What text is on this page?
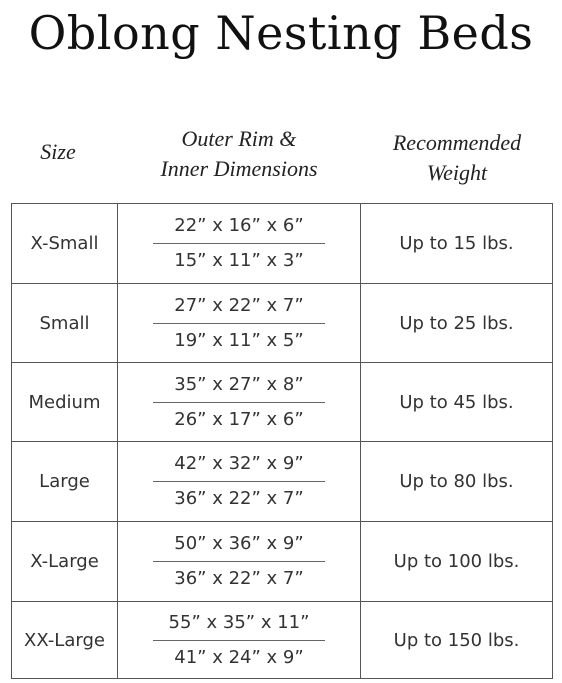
Oblong Nesting Beds
Size
Outer Rim &
Inner Dimensions
Recommended
Weight
X-Small
22” x 16” x 6”
15” x 11” x 3”
Up to 15 lbs.
Small
27” x 22” x 7”
19” x 11” x 5”
Up to 25 lbs.
Medium
35” x 27” x 8”
26” x 17” x 6”
Up to 45 lbs.
Large
42” x 32” x 9”
36” x 22” x 7”
Up to 80 lbs.
X-Large
50” x 36” x 9”
36” x 22” x 7”
Up to 100 lbs.
XX-Large
55” x 35” x 11”
41” x 24” x 9”
Up to 150 lbs.
